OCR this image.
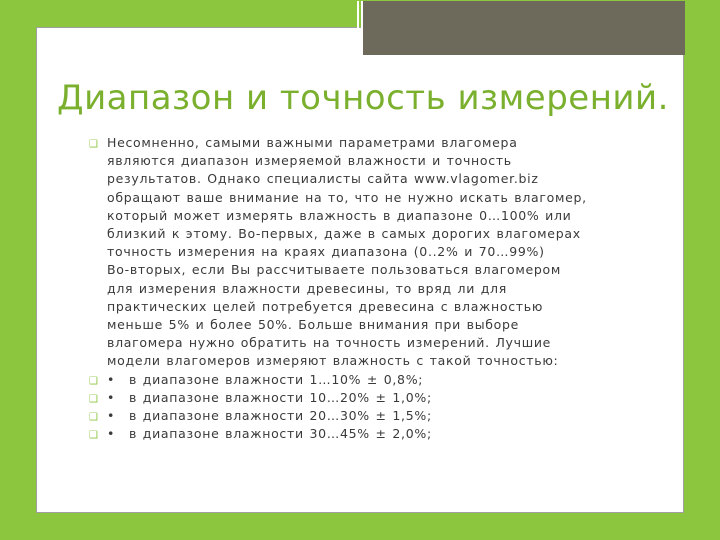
Диапазон и точность измерений.
❑ Несомненно, самыми важными параметрами влагомера
являются диапазон измеряемой влажности и точность
результатов. Однако специалисты сайта www.vlagomer.biz
обращают ваше внимание на то, что не нужно искать влагомер,
который может измерять влажность в диапазоне 0…100% или
близкий к этому. Во-первых, даже в самых дорогих влагомерах
точность измерения на краях диапазона (0..2% и 70…99%)
Во-вторых, если Вы рассчитываете пользоваться влагомером
для измерения влажности древесины, то вряд ли для
практических целей потребуется древесина с влажностью
меньше 5% и более 50%. Больше внимания при выборе
влагомера нужно обратить на точность измерений. Лучшие
модели влагомеров измеряют влажность с такой точностью:
❑ • в диапазоне влажности 1…10% ± 0,8%;
❑ • в диапазоне влажности 10…20% ± 1,0%;
❑ • в диапазоне влажности 20…30% ± 1,5%;
❑ • в диапазоне влажности 30…45% ± 2,0%;
